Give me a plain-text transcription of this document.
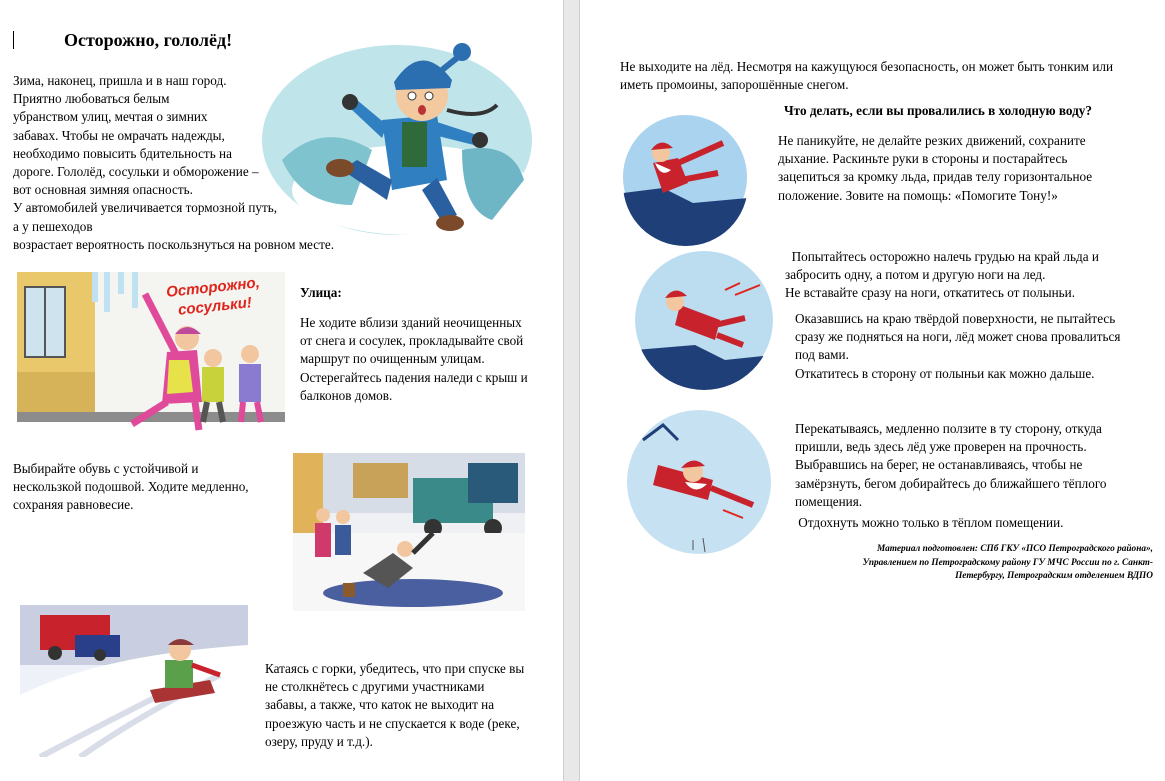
Осторожно, гололёд!
Зима, наконец, пришла и в наш город.
Приятно любоваться белым
убранством улиц, мечтая о зимних
забавах. Чтобы не омрачать надежды,
необходимо повысить бдительность на
дороге. Гололёд, сосульки и обморожение –
вот основная зимняя опасность.
У автомобилей увеличивается тормозной путь,
а у пешеходов
возрастает вероятность поскользнуться на ровном месте.
Осторожно,
сосульки!
Улица:
Не ходите вблизи зданий неочищенных
от снега и сосулек, прокладывайте свой
маршрут по очищенным улицам.
Остерегайтесь падения наледи с крыш и
балконов домов.
Выбирайте обувь с устойчивой и
нескользкой подошвой. Ходите медленно,
сохраняя равновесие.
Катаясь с горки, убедитесь, что при спуске вы
не столкнётесь с другими участниками
забавы, а также, что каток не выходит на
проезжую часть и не спускается к воде (реке,
озеру, пруду и т.д.).
Не выходите на лёд. Несмотря на кажущуюся безопасность, он может быть тонким или
иметь промоины, запорошённые снегом.
Что делать, если вы провалились в холодную воду?
Не паникуйте, не делайте резких движений, сохраните
дыхание. Раскиньте руки в стороны и постарайтесь
зацепиться за кромку льда, придав телу горизонтальное
положение. Зовите на помощь: «Помогите Тону!»
Попытайтесь осторожно налечь грудью на край льда и
забросить одну, а потом и другую ноги на лед.
Не вставайте сразу на ноги, откатитесь от полыньи.
Оказавшись на краю твёрдой поверхности, не пытайтесь
сразу же подняться на ноги, лёд может снова провалиться
под вами.
Откатитесь в сторону от полыньи как можно дальше.
Перекатываясь, медленно ползите в ту сторону, откуда
пришли, ведь здесь лёд уже проверен на прочность.
Выбравшись на берег, не останавливаясь, чтобы не
замёрзнуть, бегом добирайтесь до ближайшего тёплого
помещения.
Отдохнуть можно только в тёплом помещении.
Материал подготовлен: СПб ГКУ «ПСО Петроградского района»,
Управлением по Петроградскому району ГУ МЧС России по г. Санкт-
Петербургу, Петроградским отделением ВДПО
